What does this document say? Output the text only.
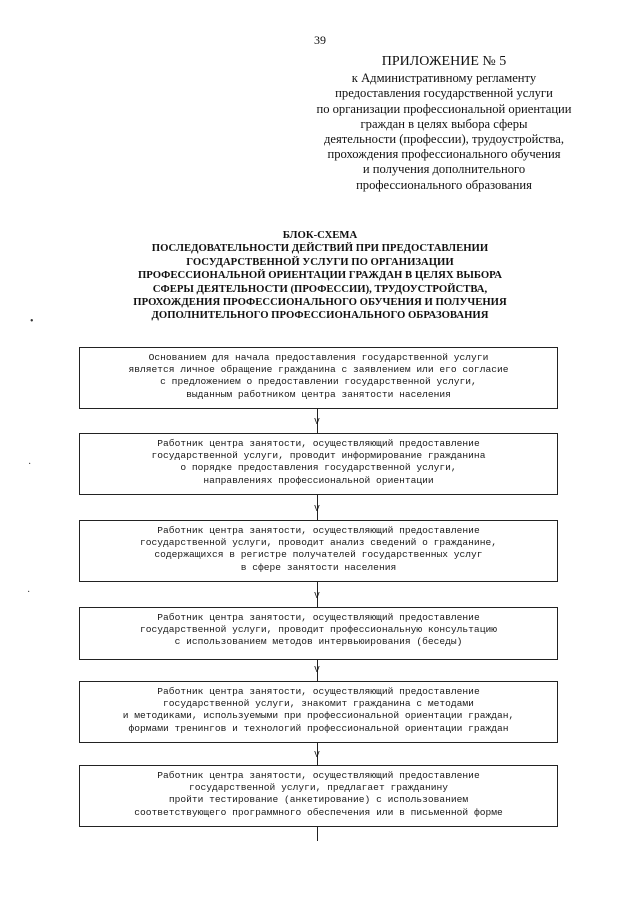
39
ПРИЛОЖЕНИЕ № 5
к Административному регламенту
предоставления государственной услуги
по организации профессиональной ориентации
граждан в целях выбора сферы
деятельности (профессии), трудоустройства,
прохождения профессионального обучения
и получения дополнительного
профессионального образования
БЛОК-СХЕМА
ПОСЛЕДОВАТЕЛЬНОСТИ ДЕЙСТВИЙ ПРИ ПРЕДОСТАВЛЕНИИ
ГОСУДАРСТВЕННОЙ УСЛУГИ ПО ОРГАНИЗАЦИИ
ПРОФЕССИОНАЛЬНОЙ ОРИЕНТАЦИИ ГРАЖДАН В ЦЕЛЯХ ВЫБОРА
СФЕРЫ ДЕЯТЕЛЬНОСТИ (ПРОФЕССИИ), ТРУДОУСТРОЙСТВА,
ПРОХОЖДЕНИЯ ПРОФЕССИОНАЛЬНОГО ОБУЧЕНИЯ И ПОЛУЧЕНИЯ
ДОПОЛНИТЕЛЬНОГО ПРОФЕССИОНАЛЬНОГО ОБРАЗОВАНИЯ
•
·
·
Основанием для начала предоставления государственной услуги
является личное обращение гражданина с заявлением или его согласие
с предложением о предоставлении государственной услуги,
выданным работником центра занятости населения
V
Работник центра занятости, осуществляющий предоставление
государственной услуги, проводит информирование гражданина
о порядке предоставления государственной услуги,
направлениях профессиональной ориентации
V
Работник центра занятости, осуществляющий предоставление
государственной услуги, проводит анализ сведений о гражданине,
содержащихся в регистре получателей государственных услуг
в сфере занятости населения
V
Работник центра занятости, осуществляющий предоставление
государственной услуги, проводит профессиональную консультацию
с использованием методов интервьюирования (беседы)
V
Работник центра занятости, осуществляющий предоставление
государственной услуги, знакомит гражданина с методами
и методиками, используемыми при профессиональной ориентации граждан,
формами тренингов и технологий профессиональной ориентации граждан
V
Работник центра занятости, осуществляющий предоставление
государственной услуги, предлагает гражданину
пройти тестирование (анкетирование) с использованием
соответствующего программного обеспечения или в письменной форме
